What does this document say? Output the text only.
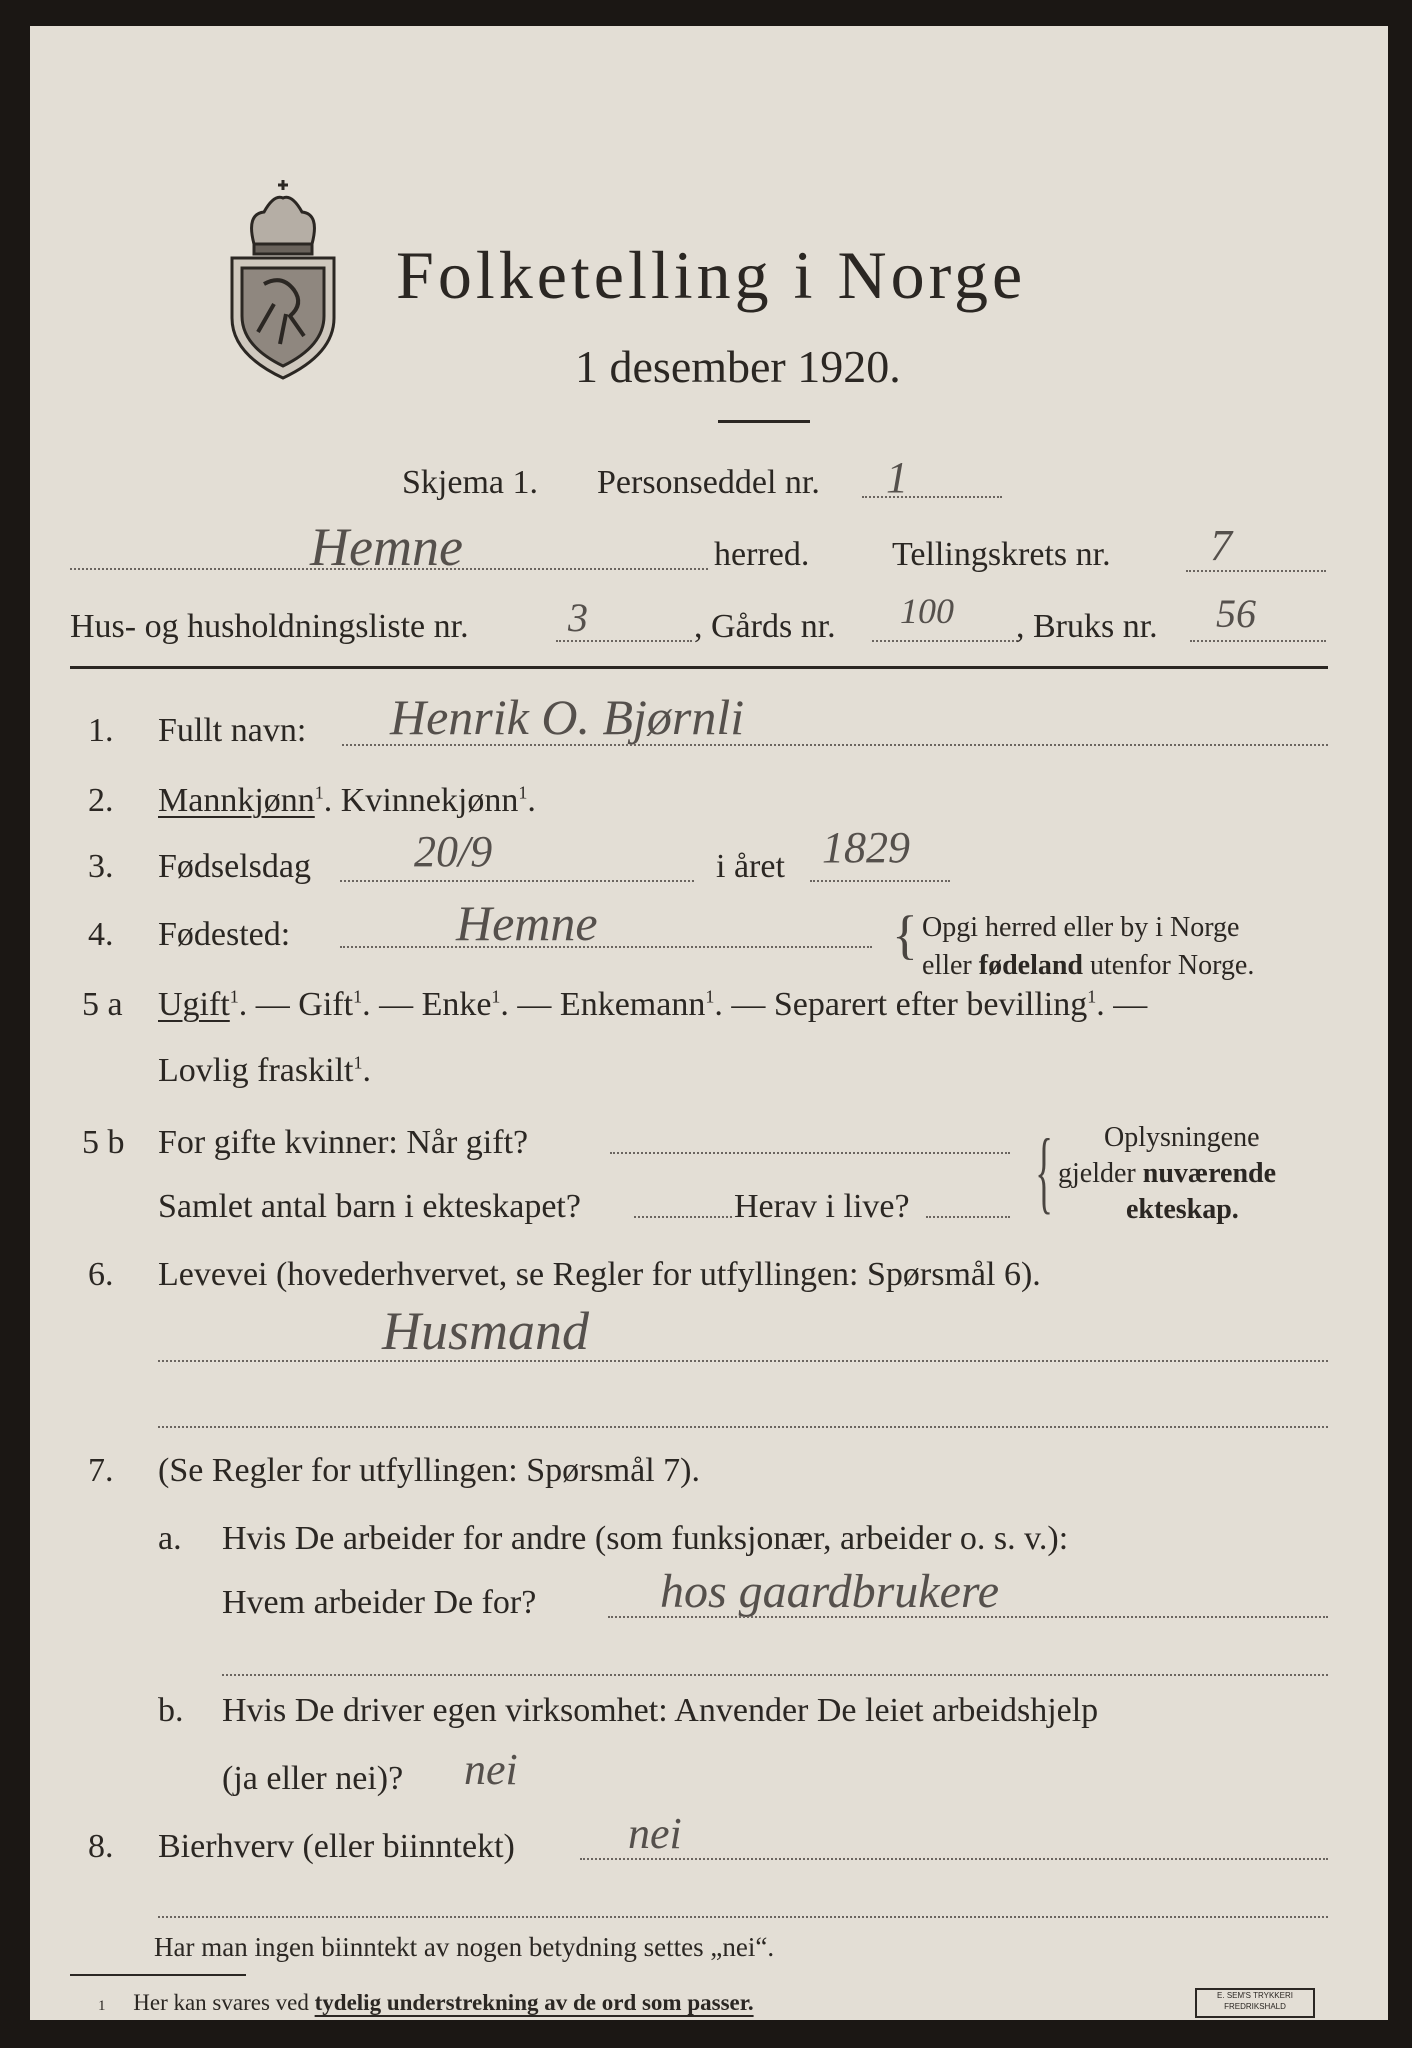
Folketelling i Norge
1 desember 1920.
Skjema 1. Personseddel nr. 1
Hemne	herred. Tellingskrets nr. 7
Hus- og husholdningsliste nr. 3	, Gårds nr. 100 , Bruks nr. 56
1. Fullt navn: Henrik O. Bjørnli
2. Mannkjønn$^1$. Kvinnekjønn$^1$.
3. Fødselsdag 20/9	i året 1829
4. Fødested:	Hemne	{ Opgi herred eller by i Norge
eller fødeland utenfor Norge.
5 a Ugift$^1$. — Gift$^1$. — Enke$^1$. — Enkemann$^1$. — Separert efter bevilling$^1$. —
Lovlig fraskilt$^1$.
5 b For gifte kvinner: Når gift?
Samlet antal barn i ekteskapet?	Herav i live? { Oplysningene
gjelder nuværende
ekteskap.
6. Levevei (hovederhvervet, se Regler for utfyllingen: Spørsmål 6).
Husmand
7. (Se Regler for utfyllingen: Spørsmål 7).
a. Hvis De arbeider for andre (som funksjonær, arbeider o. s. v.):
Hvem arbeider De for?	hos gaardbrukere
b. Hvis De driver egen virksomhet: Anvender De leiet arbeidshjelp
(ja eller nei)? nei
8. Bierhverv (eller biinntekt)	nei
Har man ingen biinntekt av nogen betydning settes „nei“.
1 Her kan svares ved tydelig understrekning av de ord som passer.	E. SEM'S TRYKKERI
FREDRIKSHALD
